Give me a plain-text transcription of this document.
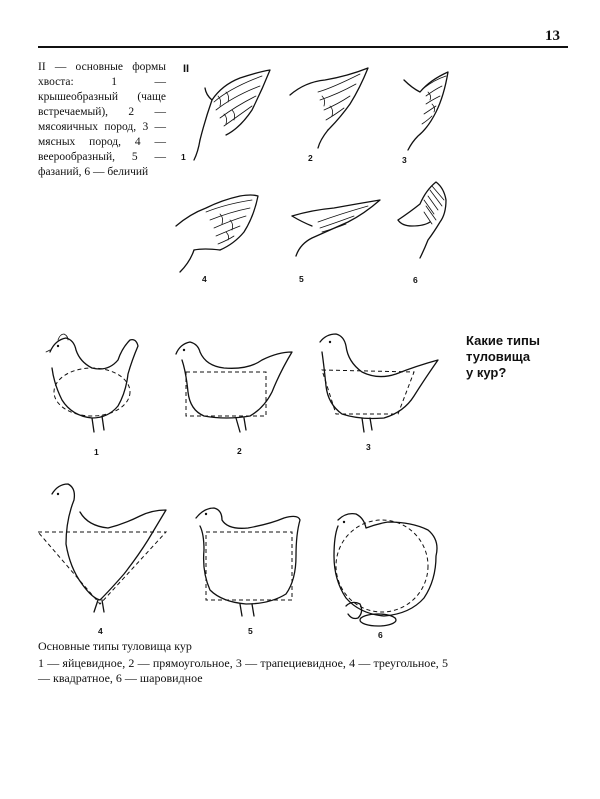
13
II — основные формы хвоста: 1 — крышеобразный (чаще встречаемый), 2 — мясояичных пород, 3 — мясных пород, 4 — веерообразный, 5 — фазаний, 6 — беличий
II
1	2	3
4	5	6
1	2	3
4	5	6
Какие типы
туловища
у кур?
Основные типы туловища кур
1 — яйцевидное, 2 — прямоугольное, 3 — трапециевидное, 4 — треугольное, 5 — квадратное, 6 — шаровидное
